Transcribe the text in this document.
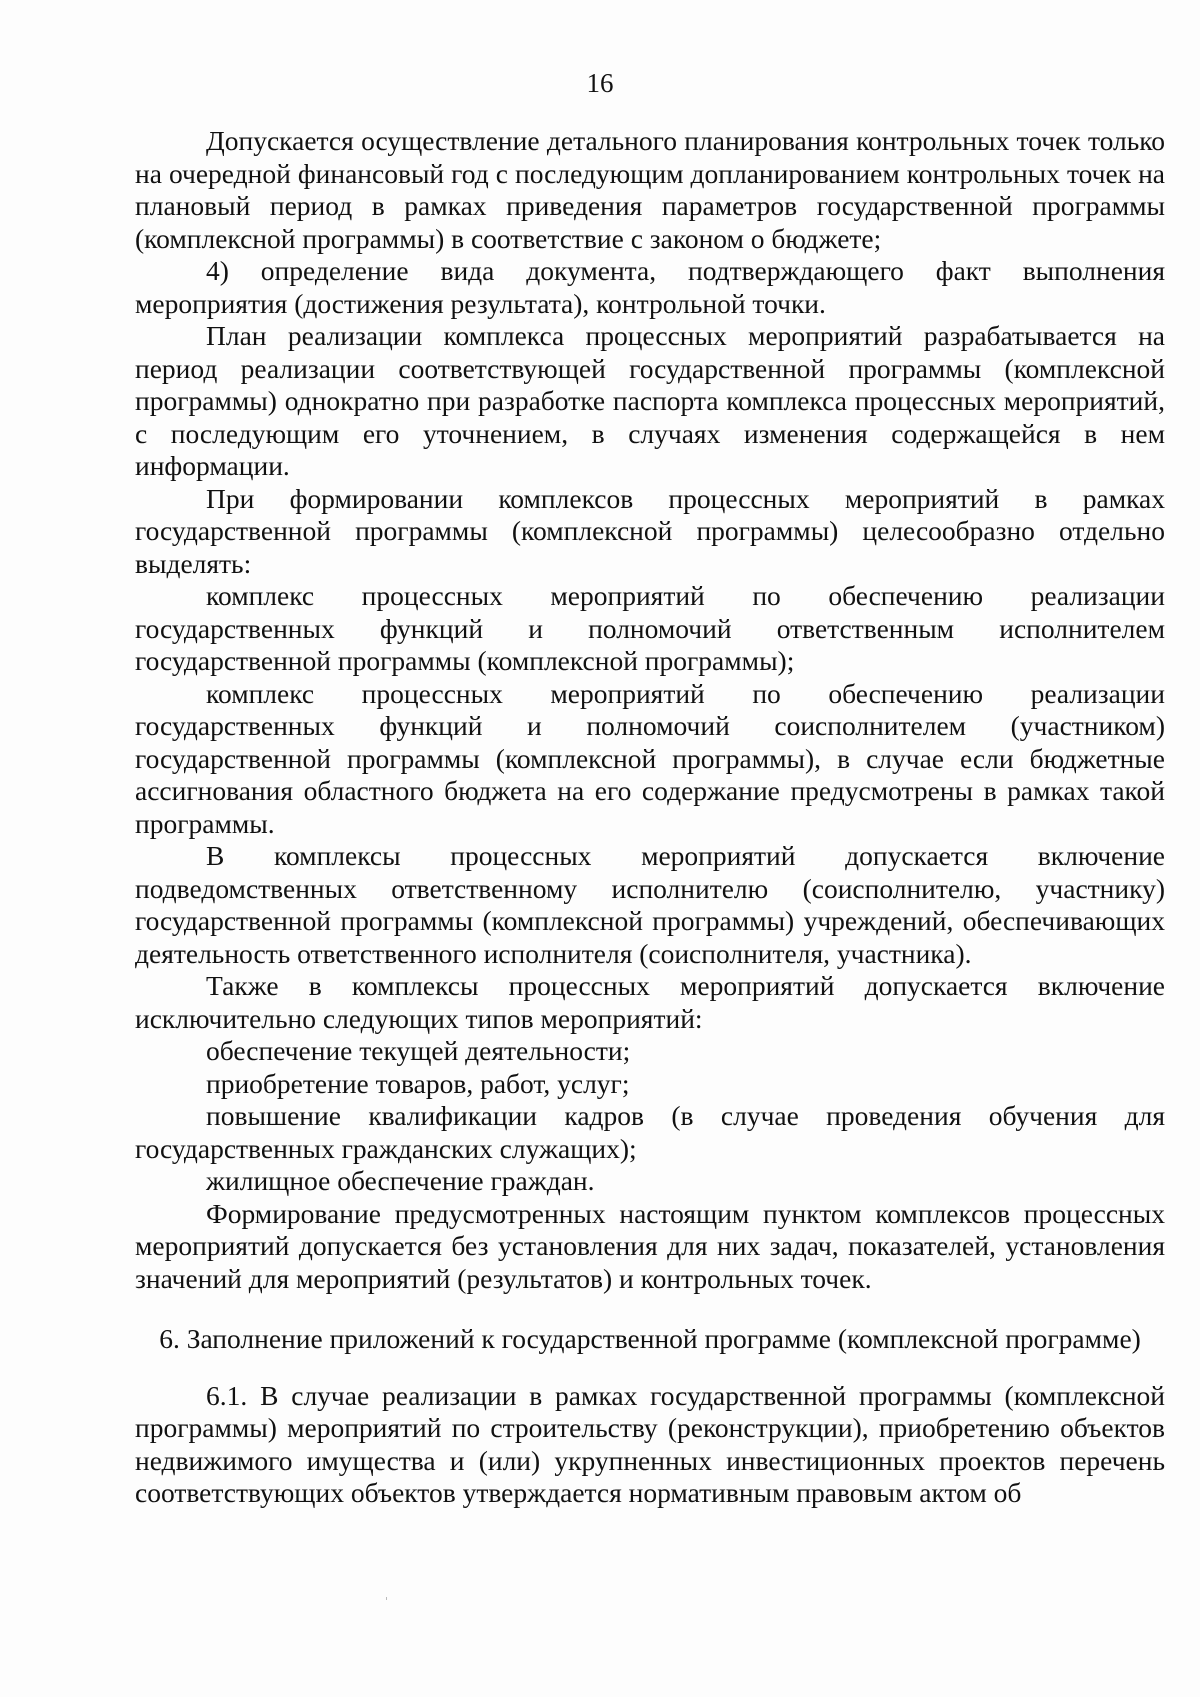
16

Допускается осуществление детального планирования контрольных точек только на очередной финансовый год с последующим допланированием контрольных точек на плановый период в рамках приведения параметров государственной программы (комплексной программы) в соответствие с законом о бюджете;

4) определение вида документа, подтверждающего факт выполнения мероприятия (достижения результата), контрольной точки.

План реализации комплекса процессных мероприятий разрабатывается на период реализации соответствующей государственной программы (комплексной программы) однократно при разработке паспорта комплекса процессных мероприятий, с последующим его уточнением, в случаях изменения содержащейся в нем информации.

При формировании комплексов процессных мероприятий в рамках государственной программы (комплексной программы) целесообразно отдельно выделять:

комплекс процессных мероприятий по обеспечению реализации государственных функций и полномочий ответственным исполнителем государственной программы (комплексной программы);

комплекс процессных мероприятий по обеспечению реализации государственных функций и полномочий соисполнителем (участником) государственной программы (комплексной программы), в случае если бюджетные ассигнования областного бюджета на его содержание предусмотрены в рамках такой программы.

В комплексы процессных мероприятий допускается включение подведомственных ответственному исполнителю (соисполнителю, участнику) государственной программы (комплексной программы) учреждений, обеспечивающих деятельность ответственного исполнителя (соисполнителя, участника).

Также в комплексы процессных мероприятий допускается включение исключительно следующих типов мероприятий:

обеспечение текущей деятельности;

приобретение товаров, работ, услуг;

повышение квалификации кадров (в случае проведения обучения для государственных гражданских служащих);

жилищное обеспечение граждан.

Формирование предусмотренных настоящим пунктом комплексов процессных мероприятий допускается без установления для них задач, показателей, установления значений для мероприятий (результатов) и контрольных точек.

6. Заполнение приложений к государственной программе (комплексной программе)

6.1. В случае реализации в рамках государственной программы (комплексной программы) мероприятий по строительству (реконструкции), приобретению объектов недвижимого имущества и (или) укрупненных инвестиционных проектов перечень соответствующих объектов утверждается нормативным правовым актом об
